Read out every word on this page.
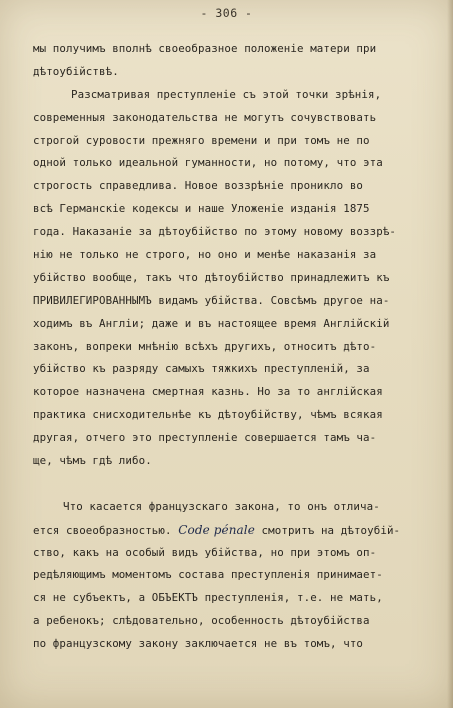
- 306 -
мы получимъ вполнѣ своеобразное положеніе матери при
дѣтоубійствѣ.
Разсматривая преступленіе съ этой точки зрѣнія,
современныя законодательства не могутъ сочувствовать
строгой суровости прежняго времени и при томъ не по
одной только идеальной гуманности, но потому, что эта
строгость справедлива. Новое воззрѣніе проникло во
всѣ Германскіе кодексы и наше Уложеніе изданія 1875
года. Наказаніе за дѣтоубійство по этому новому воззрѣ-
нію не только не строго, но оно и менѣе наказанія за
убійство вообще, такъ что дѣтоубійство принадлежитъ къ
ПРИВИЛЕГИРОВАННЫМЪ видамъ убійства. Совсѣмъ другое на-
ходимъ въ Англіи; даже и въ настоящее время Англійскій
законъ, вопреки мнѣнію всѣхъ другихъ, относитъ дѣто-
убійство къ разряду самыхъ тяжкихъ преступленій, за
которое назначена смертная казнь. Но за то англійская
практика снисходительнѣе къ дѣтоубійству, чѣмъ всякая
другая, отчего это преступленіе совершается тамъ ча-
ще, чѣмъ гдѣ либо.
Что касается французскаго закона, то онъ отлича-
ется своеобразностью. Code pénale смотритъ на дѣтоубій-
ство, какъ на особый видъ убійства, но при этомъ оп-
редѣляющимъ моментомъ состава преступленія принимает-
ся не субъектъ, а ОБЪЕКТЪ преступленія, т.е. не мать,
а ребенокъ; слѣдовательно, особенность дѣтоубійства
по французскому закону заключается не въ томъ, что
